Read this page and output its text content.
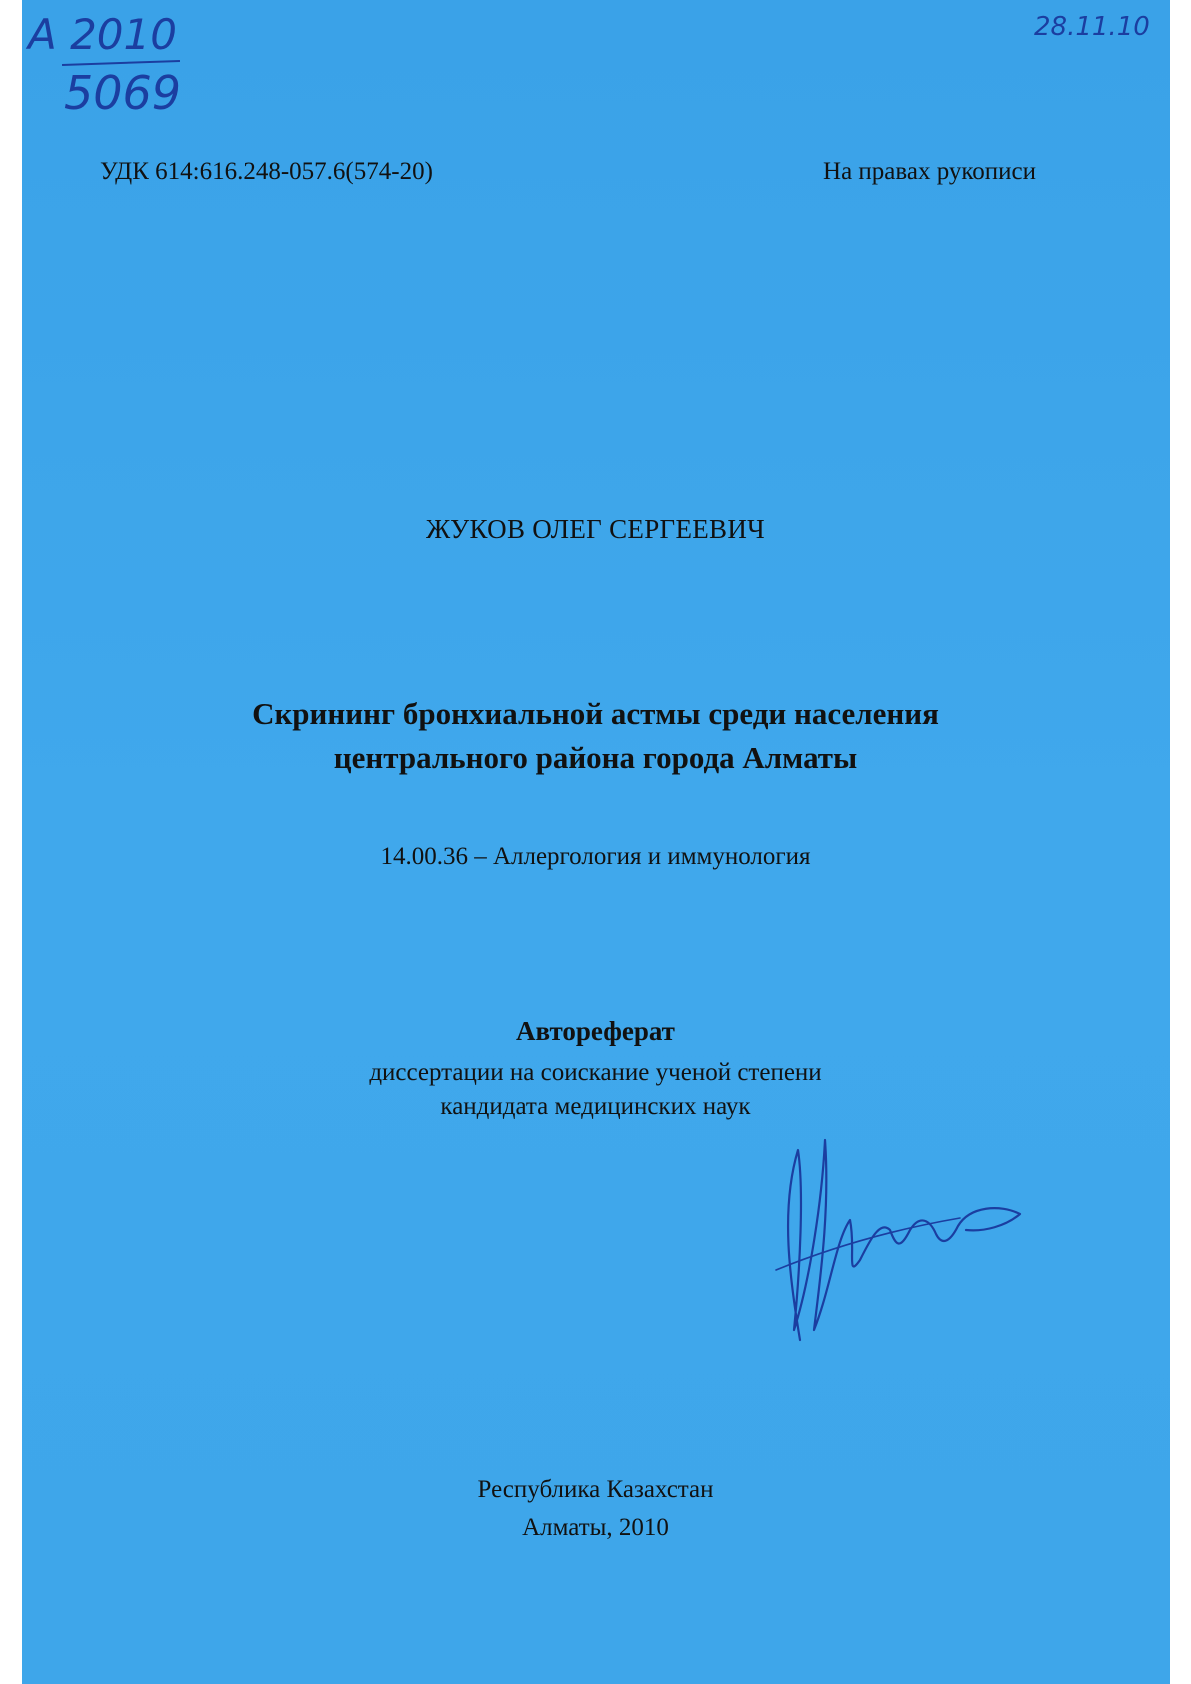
A 2010
5069
28.11.10
УДК 614:616.248-057.6(574-20)	На правах рукописи
ЖУКОВ ОЛЕГ СЕРГЕЕВИЧ
Скрининг бронхиальной астмы среди населения
центрального района города Алматы
14.00.36 – Аллергология и иммунология
Автореферат
диссертации на соискание ученой степени
кандидата медицинских наук
Республика Казахстан
Алматы, 2010
